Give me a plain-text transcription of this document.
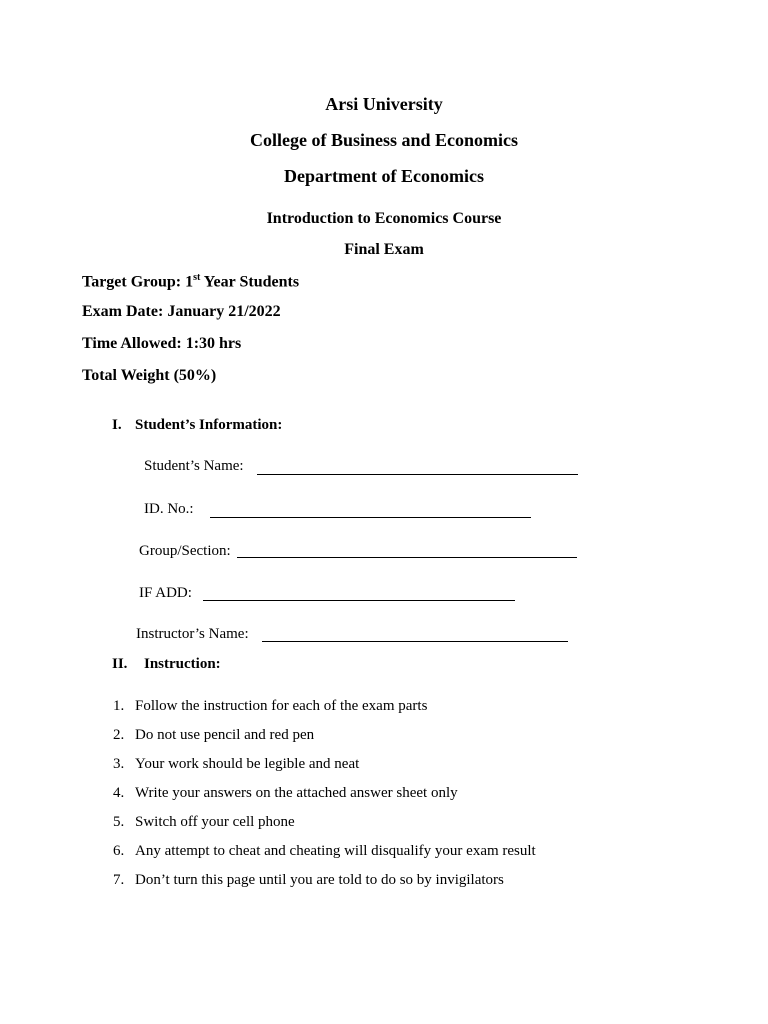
Arsi University
College of Business and Economics
Department of Economics
Introduction to Economics Course
Final Exam
Target Group: 1st Year Students
Exam Date: January 21/2022
Time Allowed: 1:30 hrs
Total Weight (50%)
I. Student’s Information:
Student’s Name:
ID. No.:
Group/Section:
IF ADD:
Instructor’s Name:
II. Instruction:
1. Follow the instruction for each of the exam parts
2. Do not use pencil and red pen
3. Your work should be legible and neat
4. Write your answers on the attached answer sheet only
5. Switch off your cell phone
6. Any attempt to cheat and cheating will disqualify your exam result
7. Don’t turn this page until you are told to do so by invigilators
